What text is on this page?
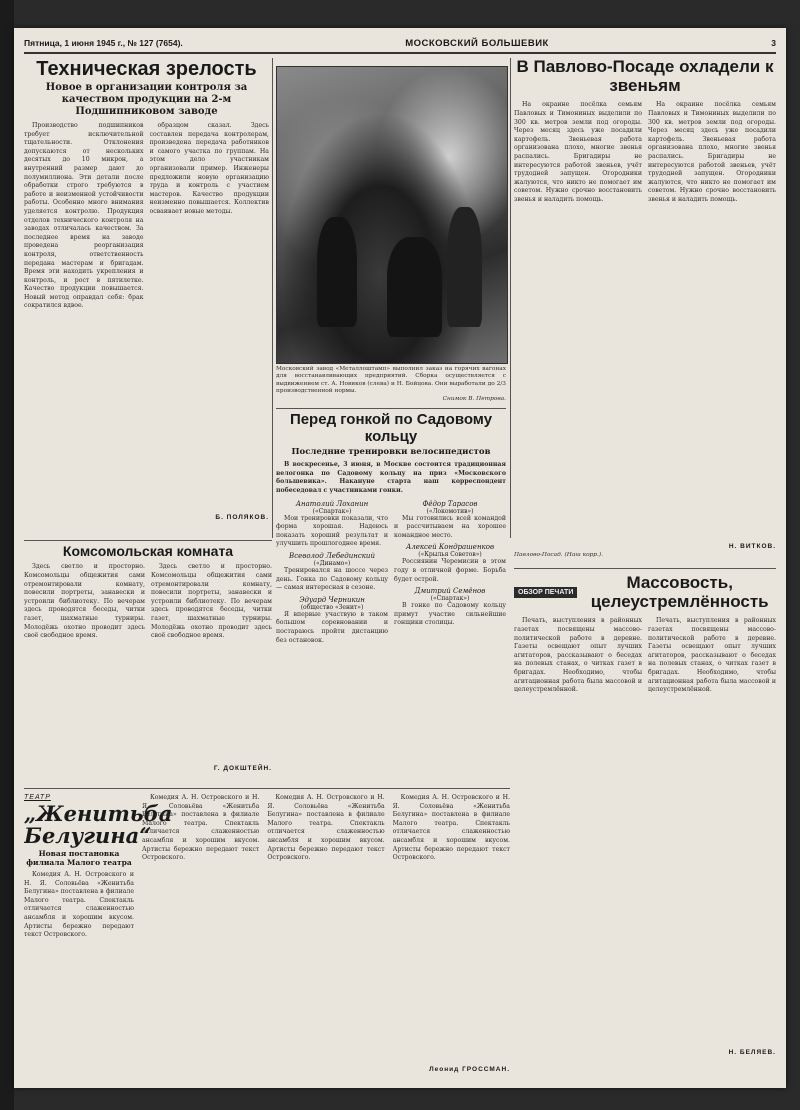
Пятница, 1 июня 1945 г., № 127 (7654).	МОСКОВСКИЙ БОЛЬШЕВИК	3
Техническая зрелость
Новое в организации контроля за качеством продукции на 2-м Подшипниковом заводе

Производство подшипников требует исключительной тщательности. Отклонения допускаются от нескольких десятых до 10 микрон, а внутренний размер дают до полумиллиона. Эти детали после обработки строго требуются в работе и неизменной устойчивости работы. Особенно много внимания уделяется контролю. Продукция отделов технического контроля на заводах отличалась качеством. За последнее время на заводе проведена реорганизация контроля, ответственность передана мастерам и бригадам. Время эти находить укрепления и контроль, и рост в пятилетке. Качество продукции повышается. Новый метод оправдал себя: брак сократился вдвое.

образцом сказал. Здесь составлен передача контролерам, произведена передача работников и самого участка по группам. На этом дело участникам организовали пример. Инженеры предложили новую организацию труда и контроль с участием мастеров. Качество продукции неизменно повышается. Коллектив осваивает новые методы.

Б. ПОЛЯКОВ.
Московский завод «Металлоштамп» выполнил заказ на горячих вагонах для восстанавливающих предприятий. Сборка осуществляется с выдвижением ст. А. Новиков (слева) и Н. Бойцова. Они выработали до 2/3 производственной нормы.
Снимок В. Петрова.
Перед гонкой по Садовому кольцу
Последние тренировки велосипедистов

В воскресенье, 3 июня, в Москве состоится традиционная велогонка по Садовому кольцу на приз «Московского большевика». Накануне старта наш корреспондент побеседовал с участниками гонки.

Анатолий Лоханин
(«Спартак»)

Мои тренировки показали, что форма хорошая. Надеюсь показать хороший результат и улучшить прошлогоднее время.

Всеволод Лебединский
(«Динамо»)

Тренировался на шоссе через день. Гонка по Садовому кольцу — самая интересная в сезоне.

Эдуард Черникин
(общество «Зенит»)

Я впервые участвую в таком большом соревновании и постараюсь пройти дистанцию без остановок.

Фёдор Тарасов
(«Локомотив»)

Мы готовились всей командой и рассчитываем на хорошее командное место.

Алексей Кондрашенков
(«Крылья Советов»)

Россиянин Черемисин в этом году в отличной форме. Борьба будет острой.

Дмитрий Семёнов
(«Спартак»)

В гонке по Садовому кольцу примут участие сильнейшие гонщики столицы.

В Павлово-Посаде охладели к звеньям

На окраине посёлка семьям Павловых и Тимониных выделили по 300 кв. метров земли под огороды. Через месяц здесь уже посадили картофель. Звеньевая работа организована плохо, многие звенья распались. Бригадиры не интересуются работой звеньев, учёт трудодней запущен. Огородники жалуются, что никто не помогает им советом. Нужно срочно восстановить звенья и наладить помощь.

На окраине посёлка семьям Павловых и Тимониных выделили по 300 кв. метров земли под огороды. Через месяц здесь уже посадили картофель. Звеньевая работа организована плохо, многие звенья распались. Бригадиры не интересуются работой звеньев, учёт трудодней запущен. Огородники жалуются, что никто не помогает им советом. Нужно срочно восстановить звенья и наладить помощь.

Н. ВИТКОВ.
Павлово-Посад. (Наш корр.).
Комсомольская комната

Здесь светло и просторно. Комсомольцы общежития сами отремонтировали комнату, повесили портреты, занавески и устроили библиотеку. По вечерам здесь проводятся беседы, читки газет, шахматные турниры. Молодёжь охотно проводит здесь своё свободное время.

Здесь светло и просторно. Комсомольцы общежития сами отремонтировали комнату, повесили портреты, занавески и устроили библиотеку. По вечерам здесь проводятся беседы, читки газет, шахматные турниры. Молодёжь охотно проводит здесь своё свободное время.

Г. ДОКШТЕЙН.
ОБЗОР ПЕЧАТИ
Массовость, целеустремлённость

Печать, выступления в районных газетах посвящены массово-политической работе в деревне. Газеты освещают опыт лучших агитаторов, рассказывают о беседах на полевых станах, о читках газет в бригадах. Необходимо, чтобы агитационная работа была массовой и целеустремлённой.

Печать, выступления в районных газетах посвящены массово-политической работе в деревне. Газеты освещают опыт лучших агитаторов, рассказывают о беседах на полевых станах, о читках газет в бригадах. Необходимо, чтобы агитационная работа была массовой и целеустремлённой.

Н. БЕЛЯЕВ.
ТЕАТР
„Женитьба Белугина“
Новая постановка филиала Малого театра

Комедия А. Н. Островского и Н. Я. Соловьёва «Женитьба Белугина» поставлена в филиале Малого театра. Спектакль отличается слаженностью ансамбля и хорошим вкусом. Артисты бережно передают текст Островского.

Комедия А. Н. Островского и Н. Я. Соловьёва «Женитьба Белугина» поставлена в филиале Малого театра. Спектакль отличается слаженностью ансамбля и хорошим вкусом. Артисты бережно передают текст Островского.

Комедия А. Н. Островского и Н. Я. Соловьёва «Женитьба Белугина» поставлена в филиале Малого театра. Спектакль отличается слаженностью ансамбля и хорошим вкусом. Артисты бережно передают текст Островского.

Комедия А. Н. Островского и Н. Я. Соловьёва «Женитьба Белугина» поставлена в филиале Малого театра. Спектакль отличается слаженностью ансамбля и хорошим вкусом. Артисты бережно передают текст Островского.

Леонид ГРОССМАН.
